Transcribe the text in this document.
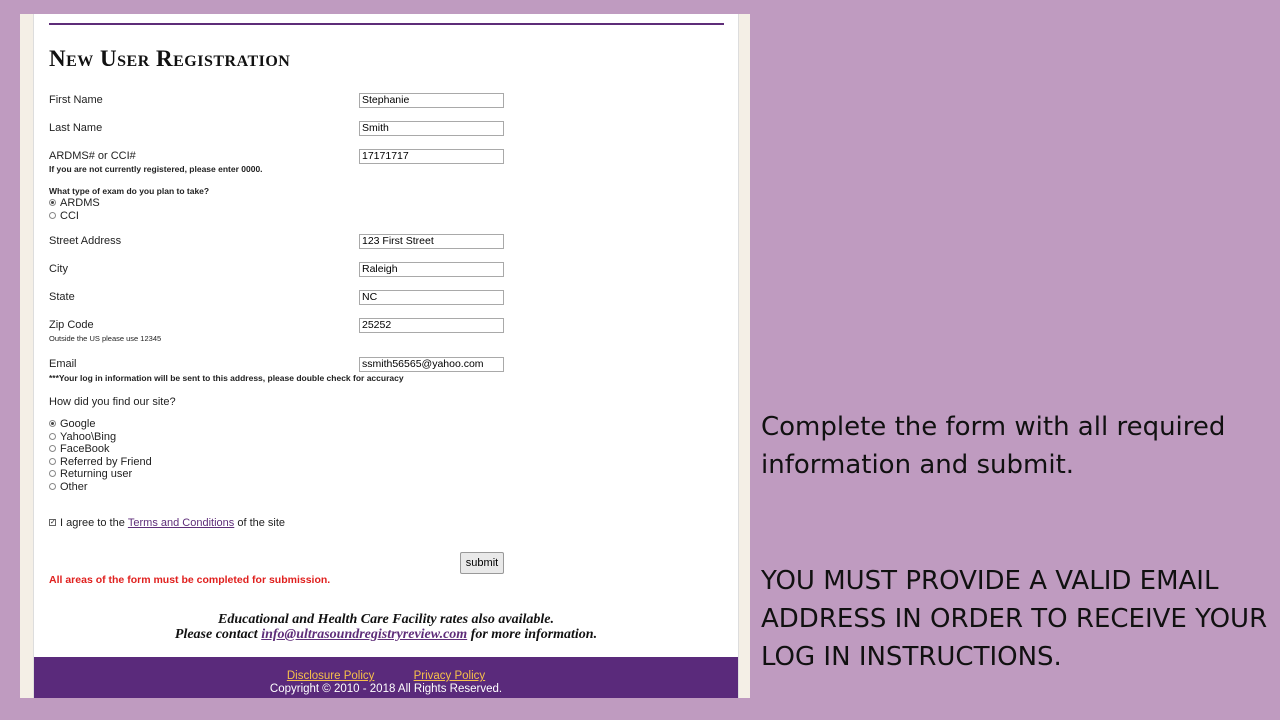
New User Registration
First Name
Stephanie
Last Name
Smith
ARDMS# or CCI#
17171717
If you are not currently registered, please enter 0000.
What type of exam do you plan to take?
ARDMS
CCI
Street Address
123 First Street
City
Raleigh
State
NC
Zip Code
25252
Outside the US please use 12345
Email
ssmith56565@yahoo.com
***Your log in information will be sent to this address, please double check for accuracy
How did you find our site?
Google
Yahoo\Bing
FaceBook
Referred by Friend
Returning user
Other
✓ I agree to the Terms and Conditions of the site
submit
All areas of the form must be completed for submission.
Educational and Health Care Facility rates also available.
Please contact info@ultrasoundregistryreview.com for more information.
Disclosure Policy	Privacy Policy
Copyright © 2010 - 2018 All Rights Reserved.
Complete the form with all required information and submit.
YOU MUST PROVIDE A VALID EMAIL ADDRESS IN ORDER TO RECEIVE YOUR LOG IN INSTRUCTIONS.
